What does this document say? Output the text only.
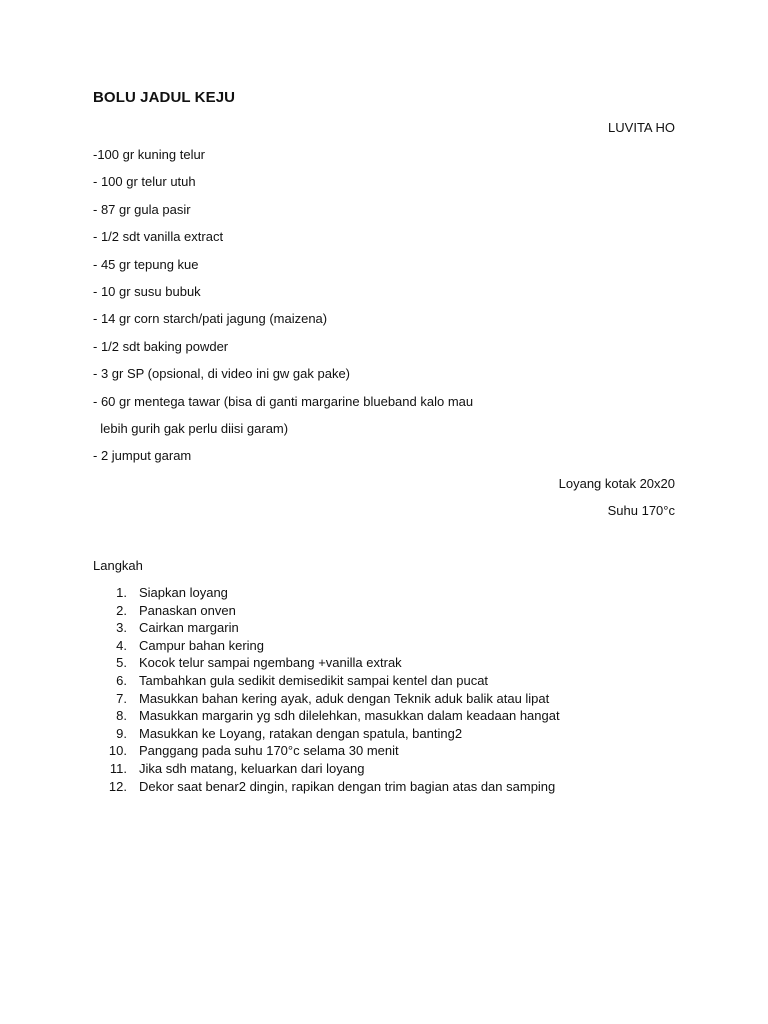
BOLU JADUL KEJU
LUVITA HO
-100 gr kuning telur
- 100 gr telur utuh
- 87 gr gula pasir
- 1/2 sdt vanilla extract
- 45 gr tepung kue
- 10 gr susu bubuk
- 14 gr corn starch/pati jagung (maizena)
- 1/2 sdt baking powder
- 3 gr SP (opsional, di video ini gw gak pake)
- 60 gr mentega tawar (bisa di ganti margarine blueband kalo mau
lebih gurih gak perlu diisi garam)
- 2 jumput garam
Loyang kotak 20x20
Suhu 170°c
Langkah
1. Siapkan loyang
2. Panaskan onven
3. Cairkan margarin
4. Campur bahan kering
5. Kocok telur sampai ngembang +vanilla extrak
6. Tambahkan gula sedikit demisedikit sampai kentel dan pucat
7. Masukkan bahan kering ayak, aduk dengan Teknik aduk balik atau lipat
8. Masukkan margarin yg sdh dilelehkan, masukkan dalam keadaan hangat
9. Masukkan ke Loyang, ratakan dengan spatula, banting2
10. Panggang pada suhu 170°c selama 30 menit
11. Jika sdh matang, keluarkan dari loyang
12. Dekor saat benar2 dingin, rapikan dengan trim bagian atas dan samping
